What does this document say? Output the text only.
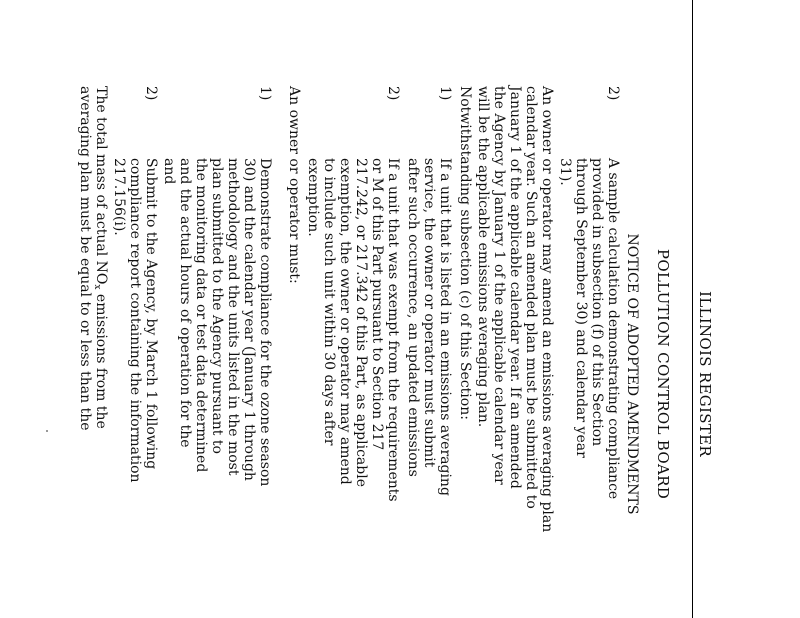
ILLINOIS REGISTER
POLLUTION CONTROL BOARD
NOTICE OF ADOPTED AMENDMENTS
2)
A sample calculation demonstrating compliance
provided in subsection (f) of this Section
through September 30) and calendar year
31).
An owner or operator may amend an emissions averaging plan
calendar year. Such an amended plan must be submitted to
January 1 of the applicable calendar year. If an amended
the Agency by January 1 of the applicable calendar year
will be the applicable emissions averaging plan.
Notwithstanding subsection (c) of this Section:
1)
If a unit that is listed in an emissions averaging
service, the owner or operator must submit
after such occurrence, an updated emissions
2)
If a unit that was exempt from the requirements
or M of this Part pursuant to Section 217
217.242, or 217.342 of this Part, as applicable
exemption, the owner or operator may amend
to include such unit within 30 days after
exemption.
An owner or operator must:
1)
Demonstrate compliance for the ozone season
30) and the calendar year (January 1 through
methodology and the units listed in the most
plan submitted to the Agency pursuant to
the monitoring data or test data determined
and the actual hours of operation for the
and
2)
Submit to the Agency, by March 1 following
compliance report containing the information
217.156(i).
The total mass of actual $NO_x$ emissions from the
averaging plan must be equal to or less than the
